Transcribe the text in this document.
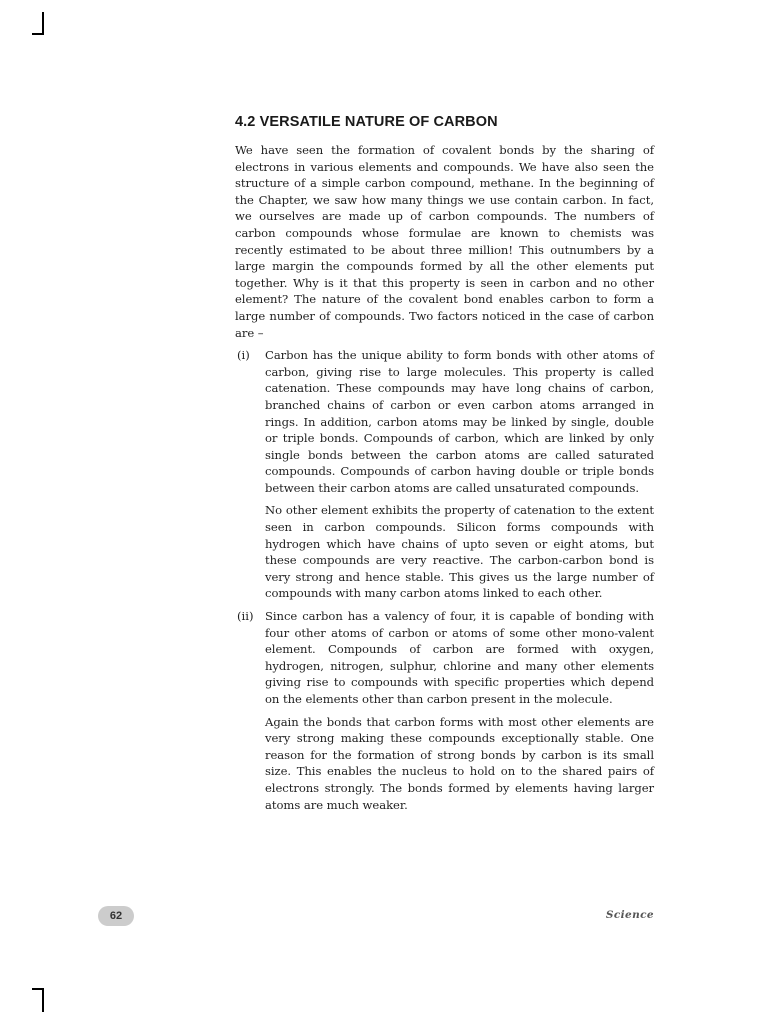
4.2 VERSATILE NATURE OF CARBON

We have seen the formation of covalent bonds by the sharing of electrons in various elements and compounds. We have also seen the structure of a simple carbon compound, methane. In the beginning of the Chapter, we saw how many things we use contain carbon. In fact, we ourselves are made up of carbon compounds. The numbers of carbon compounds whose formulae are known to chemists was recently estimated to be about three million! This outnumbers by a large margin the compounds formed by all the other elements put together. Why is it that this property is seen in carbon and no other element? The nature of the covalent bond enables carbon to form a large number of compounds. Two factors noticed in the case of carbon are –

(i) Carbon has the unique ability to form bonds with other atoms of carbon, giving rise to large molecules. This property is called catenation. These compounds may have long chains of carbon, branched chains of carbon or even carbon atoms arranged in rings. In addition, carbon atoms may be linked by single, double or triple bonds. Compounds of carbon, which are linked by only single bonds between the carbon atoms are called saturated compounds. Compounds of carbon having double or triple bonds between their carbon atoms are called unsaturated compounds.

No other element exhibits the property of catenation to the extent seen in carbon compounds. Silicon forms compounds with hydrogen which have chains of upto seven or eight atoms, but these compounds are very reactive. The carbon-carbon bond is very strong and hence stable. This gives us the large number of compounds with many carbon atoms linked to each other.

(ii) Since carbon has a valency of four, it is capable of bonding with four other atoms of carbon or atoms of some other mono-valent element. Compounds of carbon are formed with oxygen, hydrogen, nitrogen, sulphur, chlorine and many other elements giving rise to compounds with specific properties which depend on the elements other than carbon present in the molecule.

Again the bonds that carbon forms with most other elements are very strong making these compounds exceptionally stable. One reason for the formation of strong bonds by carbon is its small size. This enables the nucleus to hold on to the shared pairs of electrons strongly. The bonds formed by elements having larger atoms are much weaker.

62	Science
